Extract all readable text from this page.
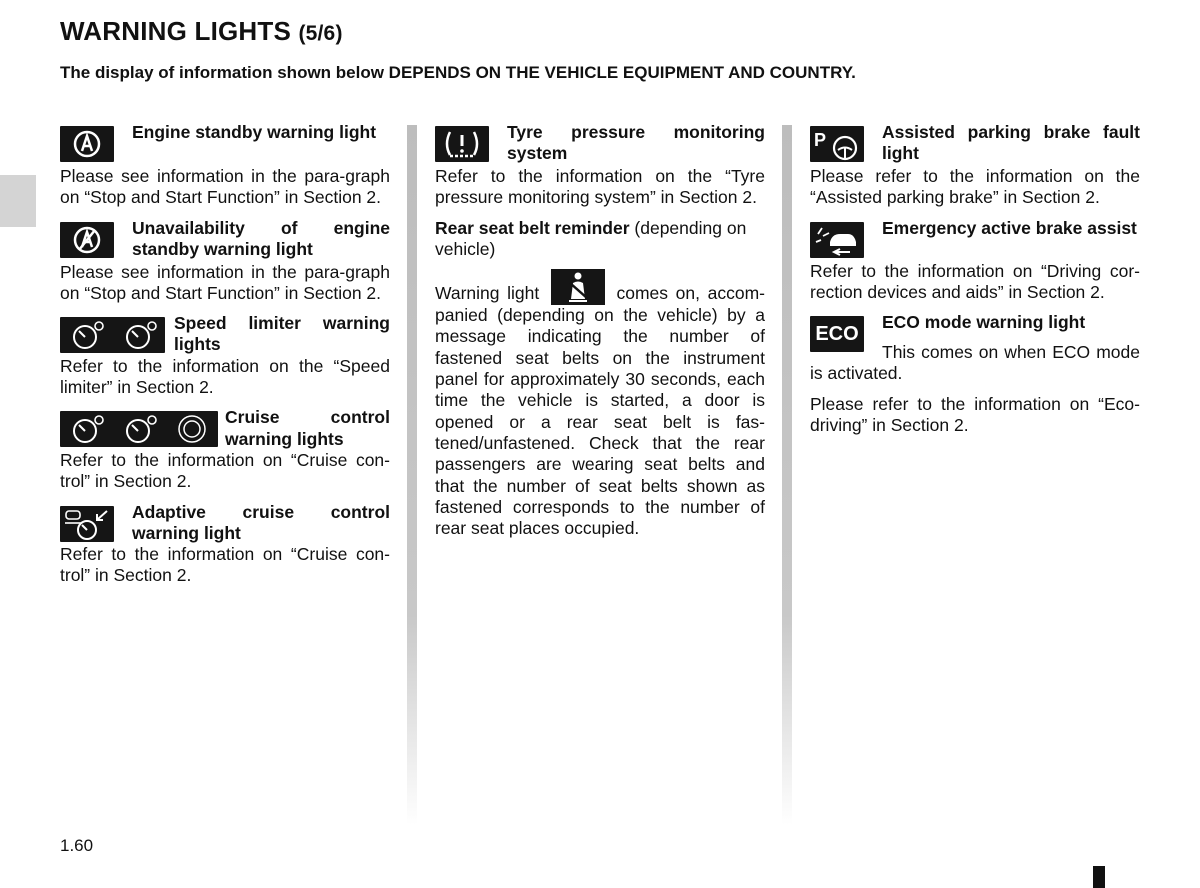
WARNING LIGHTS (5/6)
The display of information shown below DEPENDS ON THE VEHICLE EQUIPMENT AND COUNTRY.
Engine standby warning light

Please see information in the para-graph on “Stop and Start Function” in Section 2.

Unavailability of engine standby warning light

Please see information in the para-graph on “Stop and Start Function” in Section 2.

Speed limiter warning lights

Refer to the information on the “Speed limiter” in Section 2.

Cruise control warning lights

Refer to the information on “Cruise con-trol” in Section 2.

Adaptive cruise control warning light

Refer to the information on “Cruise con-trol” in Section 2.

Tyre pressure monitoring system

Refer to the information on the “Tyre pressure monitoring system” in Section 2.

Rear seat belt reminder (depending on vehicle)

Warning light	comes on, accom-panied (depending on the vehicle) by a message indicating the number of fastened seat belts on the instrument panel for approximately 30 seconds, each time the vehicle is started, a door is opened or a rear seat belt is fas-tened/unfastened. Check that the rear passengers are wearing seat belts and that the number of seat belts shown as fastened corresponds to the number of rear seat places occupied.

P	Assisted parking brake fault light

Please refer to the information on the “Assisted parking brake” in Section 2.

Emergency active brake assist

Refer to the information on “Driving cor-rection devices and aids” in Section 2.

ECO
ECO mode warning light

This comes on when ECO mode is activated.

Please refer to the information on “Eco-driving” in Section 2.

1.60
